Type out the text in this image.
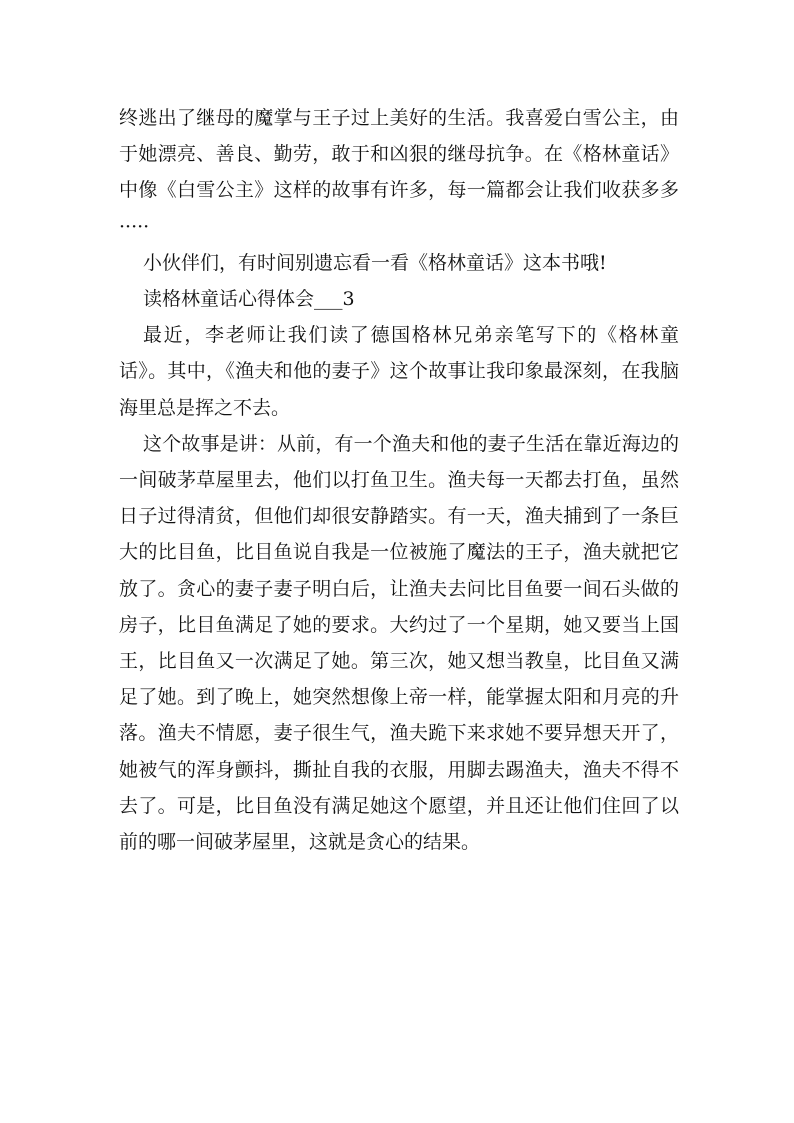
终逃出了继母的魔掌与王子过上美好的生活。我喜爱白雪公主，由于她漂亮、善良、勤劳，敢于和凶狠的继母抗争。在《格林童话》中像《白雪公主》这样的故事有许多，每一篇都会让我们收获多多·····

小伙伴们，有时间别遗忘看一看《格林童话》这本书哦!

读格林童话心得体会___3

最近，李老师让我们读了德国格林兄弟亲笔写下的《格林童话》。其中，《渔夫和他的妻子》这个故事让我印象最深刻，在我脑海里总是挥之不去。

这个故事是讲：从前，有一个渔夫和他的妻子生活在靠近海边的一间破茅草屋里去，他们以打鱼卫生。渔夫每一天都去打鱼，虽然日子过得清贫，但他们却很安静踏实。有一天，渔夫捕到了一条巨大的比目鱼，比目鱼说自我是一位被施了魔法的王子，渔夫就把它放了。贪心的妻子妻子明白后，让渔夫去问比目鱼要一间石头做的房子，比目鱼满足了她的要求。大约过了一个星期，她又要当上国王，比目鱼又一次满足了她。第三次，她又想当教皇，比目鱼又满足了她。到了晚上，她突然想像上帝一样，能掌握太阳和月亮的升落。渔夫不情愿，妻子很生气，渔夫跪下来求她不要异想天开了，她被气的浑身颤抖，撕扯自我的衣服，用脚去踢渔夫，渔夫不得不去了。可是，比目鱼没有满足她这个愿望，并且还让他们住回了以前的哪一间破茅屋里，这就是贪心的结果。
